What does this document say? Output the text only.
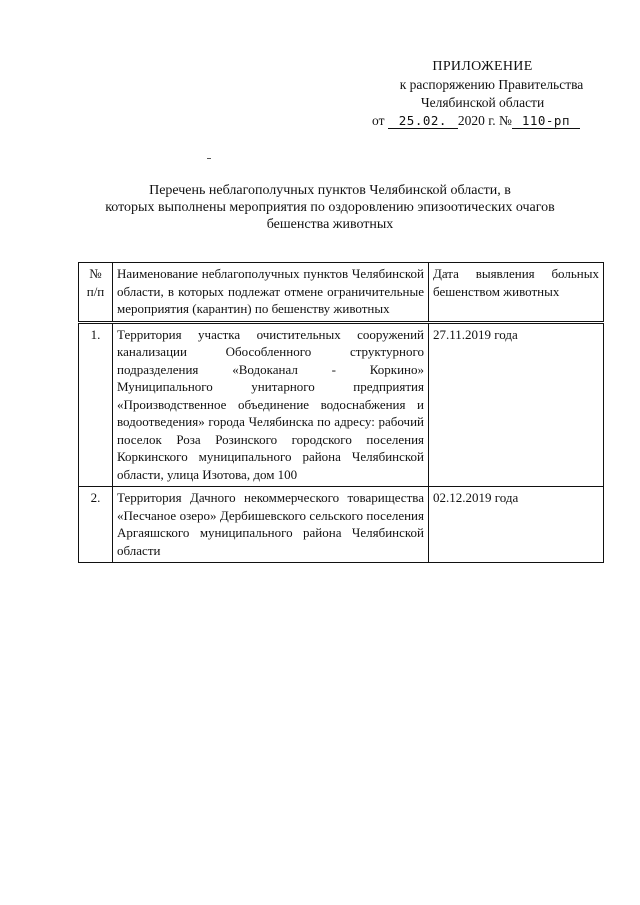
ПРИЛОЖЕНИЕ
к распоряжению Правительства
Челябинской области
от 25.02. 2020 г. № 110-рп
Перечень неблагополучных пунктов Челябинской области, в
которых выполнены мероприятия по оздоровлению эпизоотических очагов
бешенства животных
№ п/п	Наименование неблагополучных пунктов Челябинской области, в которых подлежат отмене ограничительные мероприятия (карантин) по бешенству животных	Дата выявления больных бешенством животных
1.	Территория участка очистительных сооружений канализации Обособленного структурного подразделения «Водоканал - Коркино» Муниципального унитарного предприятия «Производственное объединение водоснабжения и водоотведения» города Челябинска по адресу: рабочий поселок Роза Розинского городского поселения Коркинского муниципального района Челябинской области, улица Изотова, дом 100	27.11.2019 года
2.	Территория Дачного некоммерческого товарищества «Песчаное озеро» Дербишевского сельского поселения Аргаяшского муниципального района Челябинской области	02.12.2019 года
